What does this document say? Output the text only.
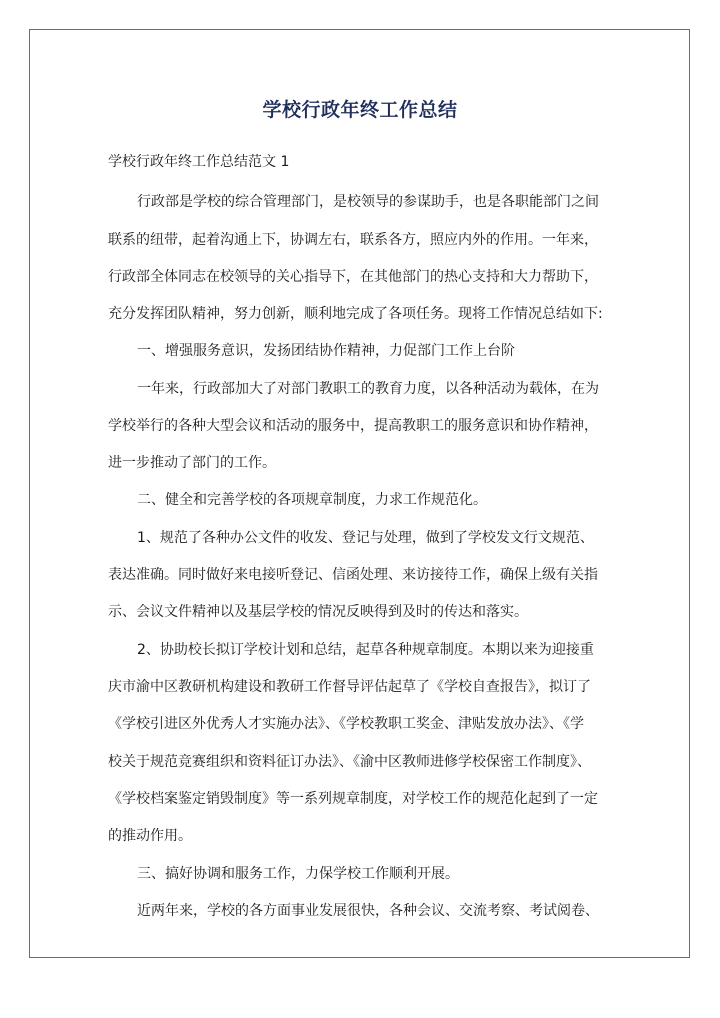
学校行政年终工作总结
学校行政年终工作总结范文 1
行政部是学校的综合管理部门，是校领导的参谋助手，也是各职能部门之间
联系的纽带，起着沟通上下，协调左右，联系各方，照应内外的作用。一年来，
行政部全体同志在校领导的关心指导下，在其他部门的热心支持和大力帮助下，
充分发挥团队精神，努力创新，顺利地完成了各项任务。现将工作情况总结如下:
一、增强服务意识，发扬团结协作精神，力促部门工作上台阶
一年来，行政部加大了对部门教职工的教育力度，以各种活动为载体，在为
学校举行的各种大型会议和活动的服务中，提高教职工的服务意识和协作精神，
进一步推动了部门的工作。
二、健全和完善学校的各项规章制度，力求工作规范化。
1、规范了各种办公文件的收发、登记与处理，做到了学校发文行文规范、
表达准确。同时做好来电接听登记、信函处理、来访接待工作，确保上级有关指
示、会议文件精神以及基层学校的情况反映得到及时的传达和落实。
2、协助校长拟订学校计划和总结，起草各种规章制度。本期以来为迎接重
庆市渝中区教研机构建设和教研工作督导评估起草了《学校自查报告》，拟订了
《学校引进区外优秀人才实施办法》、《学校教职工奖金、津贴发放办法》、《学
校关于规范竞赛组织和资料征订办法》、《渝中区教师进修学校保密工作制度》、
《学校档案鉴定销毁制度》等一系列规章制度，对学校工作的规范化起到了一定
的推动作用。
三、搞好协调和服务工作，力保学校工作顺利开展。
近两年来，学校的各方面事业发展很快，各种会议、交流考察、考试阅卷、
